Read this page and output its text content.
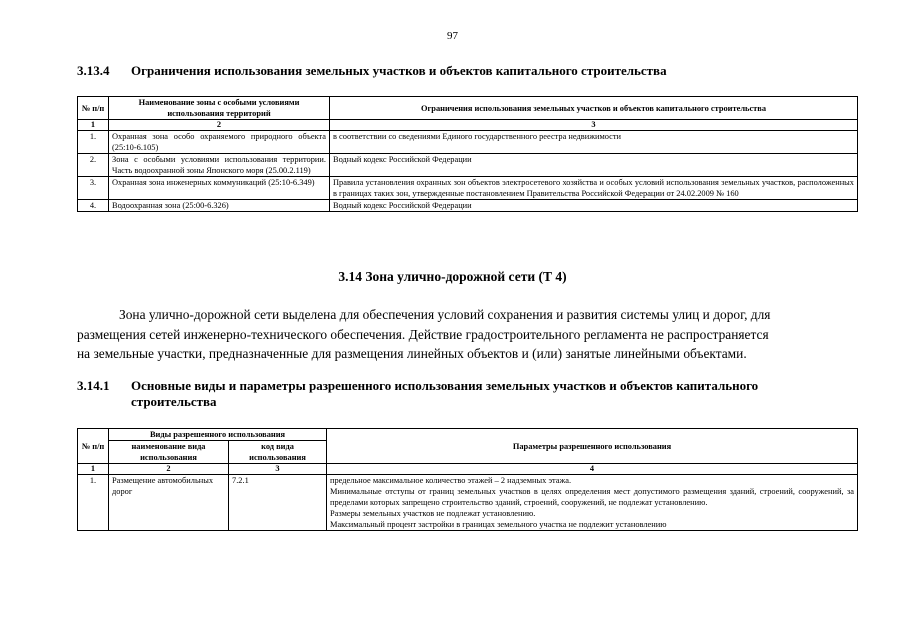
97
3.13.4 Ограничения использования земельных участков и объектов капитального строительства
№ п/п	Наименование зоны с особыми условиями использования территорий	Ограничения использования земельных участков и объектов капитального строительства
1	2	3
1.	Охранная зона особо охраняемого природного объекта (25:10-6.105)	в соответствии со сведениями Единого государственного реестра недвижимости
2.	Зона с особыми условиями использования территории. Часть водоохранной зоны Японского моря (25.00.2.119)	Водный кодекс Российской Федерации
3.	Охранная зона инженерных коммуникаций (25:10-6.349)	Правила установления охранных зон объектов электросетевого хозяйства и особых условий использования земельных участков, расположенных в границах таких зон, утвержденные постановлением Правительства Российской Федерации от 24.02.2009 № 160
4.	Водоохранная зона (25:00-6.326)	Водный кодекс Российской Федерации
3.14 Зона улично-дорожной сети (Т 4)
Зона улично-дорожной сети выделена для обеспечения условий сохранения и развития системы улиц и дорог, для
размещения сетей инженерно-технического обеспечения. Действие градостроительного регламента не распространяется
на земельные участки, предназначенные для размещения линейных объектов и (или) занятые линейными объектами.
3.14.1 Основные виды и параметры разрешенного использования земельных участков и объектов капитального
строительства
№ п/п	Виды разрешенного использования		Параметры разрешенного использования
	наименование вида использования	код вида использования	
1	2	3	4
1.	Размещение автомобильных дорог	7.2.1	предельное максимальное количество этажей – 2 надземных этажа.
Минимальные отступы от границ земельных участков в целях определения мест допустимого размещения зданий, строений, сооружений, за пределами которых запрещено строительство зданий, строений, сооружений, не подлежат установлению.
Размеры земельных участков не подлежат установлению.
Максимальный процент застройки в границах земельного участка не подлежит установлению
